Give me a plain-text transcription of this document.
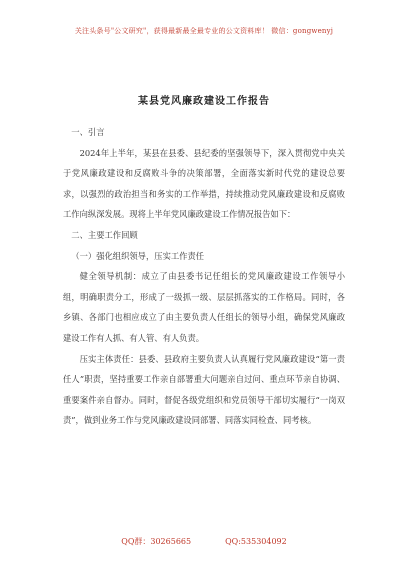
关注头条号"公文研究"，获得最新最全最专业的公文资料库！ 微信：gongwenyj
某县党风廉政建设工作报告

一、引言

2024年上半年，某县在县委、县纪委的坚强领导下，深入贯彻党中央关于党风廉政建设和反腐败斗争的决策部署，全面落实新时代党的建设总要求，以强烈的政治担当和务实的工作举措，持续推动党风廉政建设和反腐败工作向纵深发展。现将上半年党风廉政建设工作情况报告如下：

二、主要工作回顾

（一）强化组织领导，压实工作责任

健全领导机制：成立了由县委书记任组长的党风廉政建设工作领导小组，明确职责分工，形成了一级抓一级、层层抓落实的工作格局。同时，各乡镇、各部门也相应成立了由主要负责人任组长的领导小组，确保党风廉政建设工作有人抓、有人管、有人负责。

压实主体责任：县委、县政府主要负责人认真履行党风廉政建设“第一责任人”职责，坚持重要工作亲自部署重大问题亲自过问、重点环节亲自协调、重要案件亲自督办。同时，督促各级党组织和党员领导干部切实履行“一岗双责”，做到业务工作与党风廉政建设同部署、同落实同检查、同考核。

QQ群：30265665	QQ:535304092
